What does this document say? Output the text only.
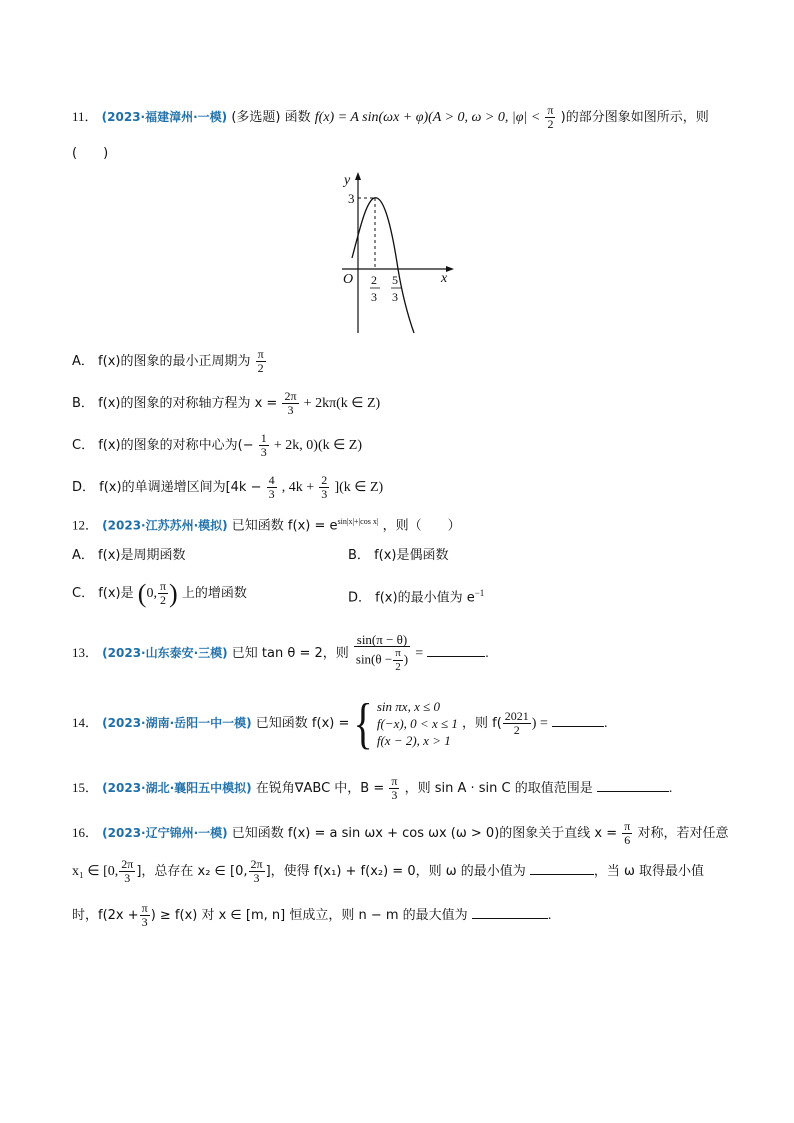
11． (2023·福建漳州·一模) (多选题) 函数 f(x) = A sin(ωx + φ)(A > 0, ω > 0, $|\varphi| < \frac{\pi}{2}$ )的部分图象如图所示，则
(　　)
y
x
O
3
2
3
5
3
A． f(x)的图象的最小正周期为 $\frac{\pi}{2}$
B． f(x)的图象的对称轴方程为 $x = \frac{2\pi}{3} + 2k\pi(k$ ∈ Z)
C． f(x)的图象的对称中心为(− $\frac{1}{3} + 2k$, 0)(k ∈ Z)
D． f(x)的单调递增区间为[$4k - \frac{4}{3}$ , $4k + \frac{2}{3} ](k$ ∈ Z)
12． (2023·江苏苏州·模拟) 已知函数 $f(x) = e^{sin|x|+|cos x|}$ ，则（　　）
A． f(x)是周期函数	B． f(x)是偶函数
C． f(x)是 (0, $\frac{\pi}{2}$ ) 上的增函数	D． f(x)的最小值为 $e^{-1}$
13． (2023·山东泰安·三模) 已知 tan θ = 2，则 $\frac{\sin(\pi - \theta)}{\sin(\theta - \frac{\pi}{2} )}$ =	.
14． (2023·湖南·岳阳一中一模) 已知函数 f(x) = { sin πx, x ≤ 0
f(−x), 0 < x ≤ 1
f(x − 2), x > 1
，则 $f( \frac{2021}{2}$ ) =	.
15． (2023·湖北·襄阳五中模拟) 在锐角∇ABC 中，$B = \frac{\pi}{3}$ ，则 sin A · sin C 的取值范围是	.
16． (2023·辽宁锦州·一模) 已知函数 f(x) = a sin ωx + cos ωx (ω > 0)的图象关于直线 $x = \frac{\pi}{6}$ 对称，若对任意
x₁ ∈ [0, $\frac{2\pi}{3}$ ]，总存在 x₂ ∈ [0, $\frac{2\pi}{3}$ ]，使得 f(x₁) + f(x₂) = 0，则 ω 的最小值为	，当 ω 取得最小值
时，$f(2x + \frac{\pi}{3}$ ) ≥ f(x) 对 x ∈ [m, n] 恒成立，则 n − m 的最大值为	.
